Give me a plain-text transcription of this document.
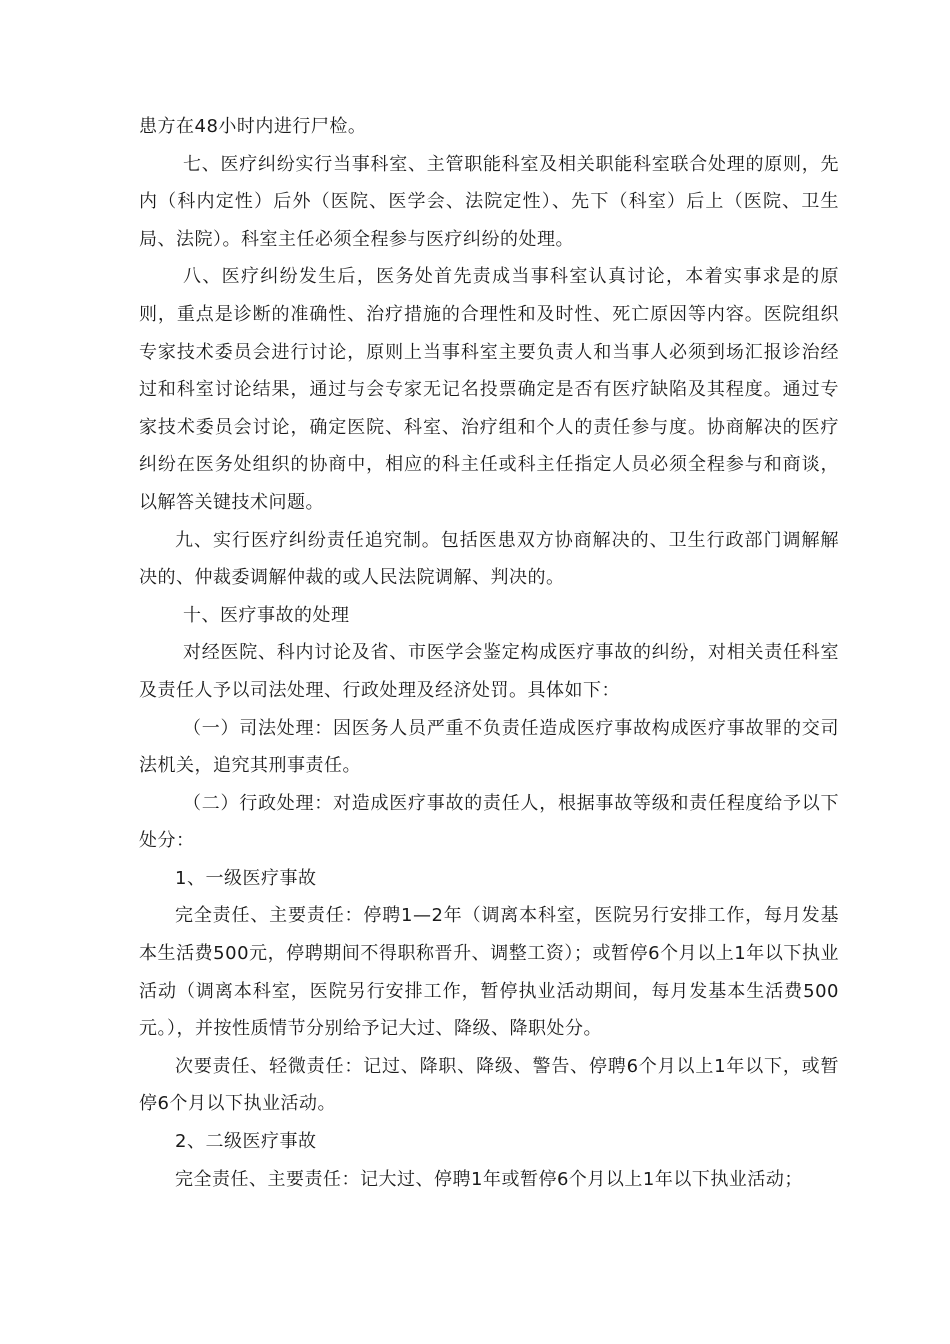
患方在48小时内进行尸检。

七、医疗纠纷实行当事科室、主管职能科室及相关职能科室联合处理的原则，先内（科内定性）后外（医院、医学会、法院定性）、先下（科室）后上（医院、卫生局、法院）。科室主任必须全程参与医疗纠纷的处理。

八、医疗纠纷发生后，医务处首先责成当事科室认真讨论，本着实事求是的原则，重点是诊断的准确性、治疗措施的合理性和及时性、死亡原因等内容。医院组织专家技术委员会进行讨论，原则上当事科室主要负责人和当事人必须到场汇报诊治经过和科室讨论结果，通过与会专家无记名投票确定是否有医疗缺陷及其程度。通过专家技术委员会讨论，确定医院、科室、治疗组和个人的责任参与度。协商解决的医疗纠纷在医务处组织的协商中，相应的科主任或科主任指定人员必须全程参与和商谈，以解答关键技术问题。

九、实行医疗纠纷责任追究制。包括医患双方协商解决的、卫生行政部门调解解决的、仲裁委调解仲裁的或人民法院调解、判决的。

十、医疗事故的处理

对经医院、科内讨论及省、市医学会鉴定构成医疗事故的纠纷，对相关责任科室及责任人予以司法处理、行政处理及经济处罚。具体如下：

（一）司法处理：因医务人员严重不负责任造成医疗事故构成医疗事故罪的交司法机关，追究其刑事责任。

（二）行政处理：对造成医疗事故的责任人，根据事故等级和责任程度给予以下处分：

1、一级医疗事故

完全责任、主要责任：停聘1—2年（调离本科室，医院另行安排工作，每月发基本生活费500元，停聘期间不得职称晋升、调整工资）；或暂停6个月以上1年以下执业活动（调离本科室，医院另行安排工作，暂停执业活动期间，每月发基本生活费500元。），并按性质情节分别给予记大过、降级、降职处分。

次要责任、轻微责任：记过、降职、降级、警告、停聘6个月以上1年以下，或暂停6个月以下执业活动。

2、二级医疗事故

完全责任、主要责任：记大过、停聘1年或暂停6个月以上1年以下执业活动；
